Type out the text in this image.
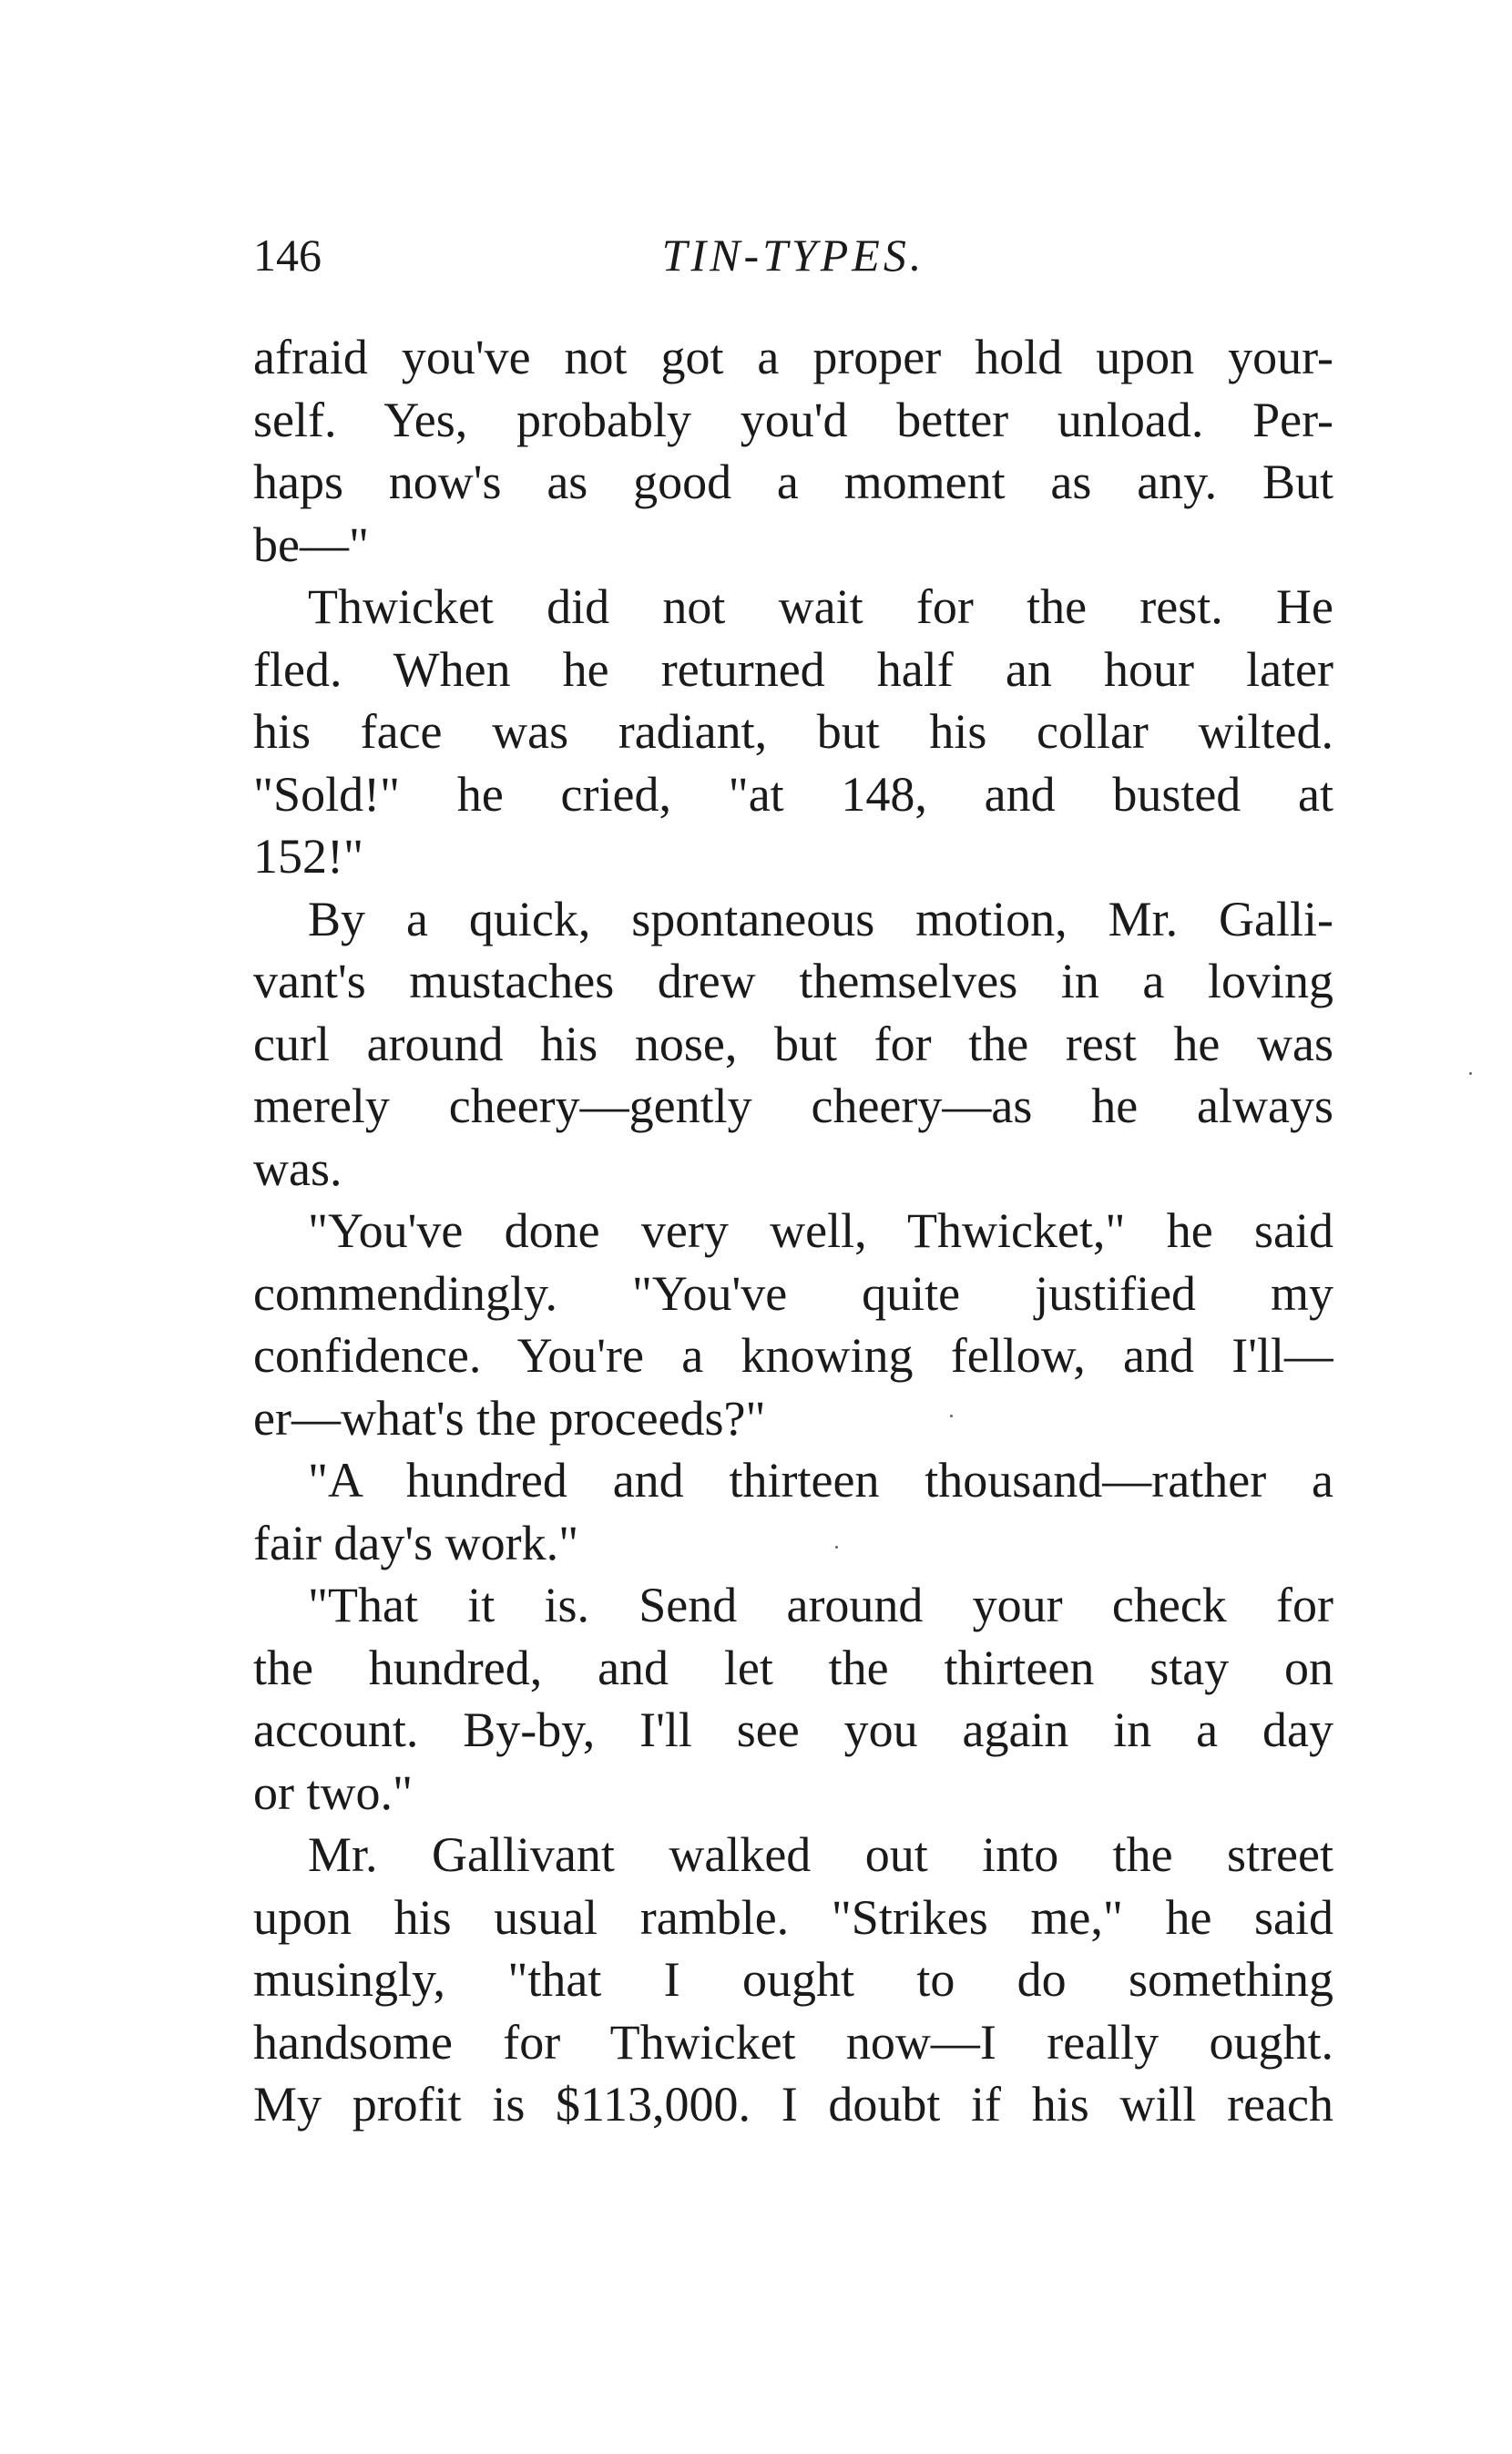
146	TIN-TYPES.
afraid you've not got a proper hold upon your-
self. Yes, probably you'd better unload. Per-
haps now's as good a moment as any. But
be—"
Thwicket did not wait for the rest. He
fled. When he returned half an hour later
his face was radiant, but his collar wilted.
"Sold!" he cried, "at 148, and busted at
152!"
By a quick, spontaneous motion, Mr. Galli-
vant's mustaches drew themselves in a loving
curl around his nose, but for the rest he was
merely cheery—gently cheery—as he always
was.
"You've done very well, Thwicket," he said
commendingly. "You've quite justified my
confidence. You're a knowing fellow, and I'll—
er—what's the proceeds?"
"A hundred and thirteen thousand—rather a
fair day's work."
"That it is. Send around your check for
the hundred, and let the thirteen stay on
account. By-by, I'll see you again in a day
or two."
Mr. Gallivant walked out into the street
upon his usual ramble. "Strikes me," he said
musingly, "that I ought to do something
handsome for Thwicket now—I really ought.
My profit is $113,000. I doubt if his will reach
